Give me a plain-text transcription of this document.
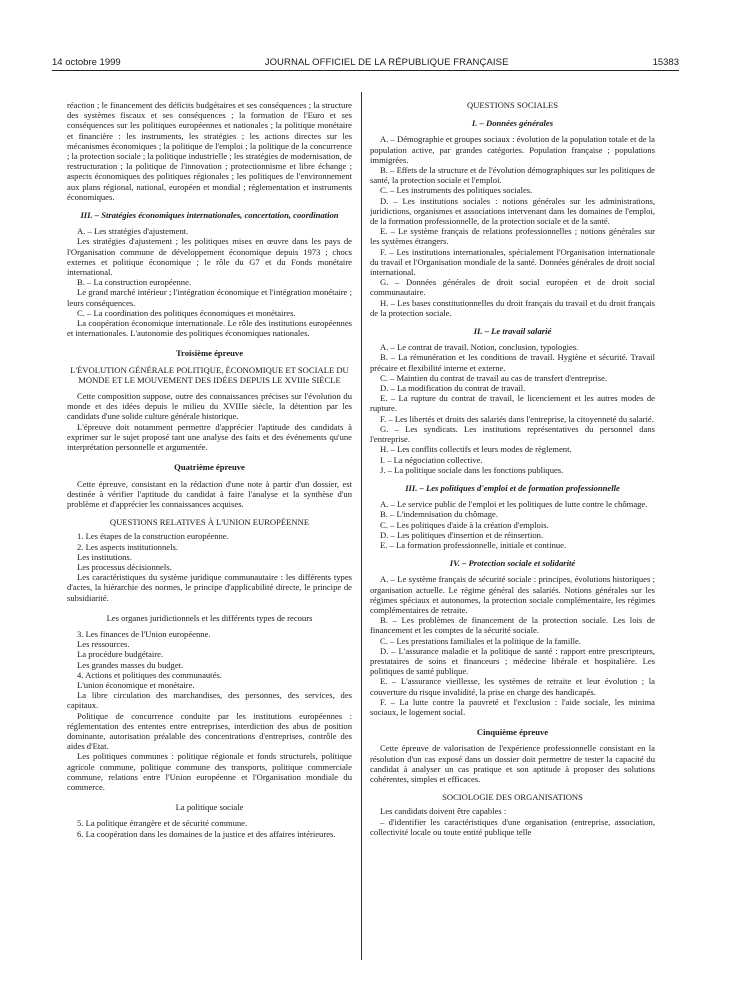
14 octobre 1999	JOURNAL OFFICIEL DE LA RÉPUBLIQUE FRANÇAISE	15383

réaction ; le financement des déficits budgétaires et ses conséquences ; la structure des systèmes fiscaux et ses conséquences ; la formation de l'Euro et ses conséquences sur les politiques européennes et nationales ; la politique monétaire et financière : les instruments, les stratégies ; les actions directes sur les mécanismes économiques ; la politique de l'emploi ; la politique de la concurrence ; la protection sociale ; la politique industrielle ; les stratégies de modernisation, de restructuration ; la politique de l'innovation ; protectionnisme et libre échange ; aspects économiques des politiques régionales ; les politiques de l'environnement aux plans régional, national, européen et mondial ; réglementation et instruments économiques.

III. – Stratégies économiques internationales, concertation, coordination

A. – Les stratégies d'ajustement.

Les stratégies d'ajustement ; les politiques mises en œuvre dans les pays de l'Organisation commune de développement économique depuis 1973 ; chocs externes et politique économique ; le rôle du G7 et du Fonds monétaire international.

B. – La construction européenne.

Le grand marché intérieur ; l'intégration économique et l'intégration monétaire ; leurs conséquences.

C. – La coordination des politiques économiques et monétaires.

La coopération économique internationale. Le rôle des institutions européennes et internationales. L'autonomie des politiques économiques nationales.

Troisième épreuve

L'ÉVOLUTION GÉNÉRALE POLITIQUE, ÉCONOMIQUE ET SOCIALE DU MONDE ET LE MOUVEMENT DES IDÉES DEPUIS LE XVIIIe SIÈCLE

Cette composition suppose, outre des connaissances précises sur l'évolution du monde et des idées depuis le milieu du XVIIIe siècle, la détention par les candidats d'une solide culture générale historique.

L'épreuve doit notamment permettre d'apprécier l'aptitude des candidats à exprimer sur le sujet proposé tant une analyse des faits et des événements qu'une interprétation personnelle et argumentée.

Quatrième épreuve

Cette épreuve, consistant en la rédaction d'une note à partir d'un dossier, est destinée à vérifier l'aptitude du candidat à faire l'analyse et la synthèse d'un problème et d'apprécier les connaissances acquises.

QUESTIONS RELATIVES À L'UNION EUROPÉENNE

1. Les étapes de la construction européenne.

2. Les aspects institutionnels.

Les institutions.

Les processus décisionnels.

Les caractéristiques du système juridique communautaire : les différents types d'actes, la hiérarchie des normes, le principe d'applicabilité directe, le principe de subsidiarité.

Les organes juridictionnels et les différents types de recours

3. Les finances de l'Union européenne.

Les ressources.

La procédure budgétaire.

Les grandes masses du budget.

4. Actions et politiques des communautés.

L'union économique et monétaire.

La libre circulation des marchandises, des personnes, des services, des capitaux.

Politique de concurrence conduite par les institutions européennes : réglementation des ententes entre entreprises, interdiction des abus de position dominante, autorisation préalable des concentrations d'entreprises, contrôle des aides d'Etat.

Les politiques communes : politique régionale et fonds structurels, politique agricole commune, politique commune des transports, politique commerciale commune, relations entre l'Union européenne et l'Organisation mondiale du commerce.

La politique sociale

5. La politique étrangère et de sécurité commune.

6. La coopération dans les domaines de la justice et des affaires intérieures.

QUESTIONS SOCIALES

I. – Données générales

A. – Démographie et groupes sociaux : évolution de la population totale et de la population active, par grandes catégories. Population française ; populations immigrées.

B. – Effets de la structure et de l'évolution démographiques sur les politiques de santé, la protection sociale et l'emploi.

C. – Les instruments des politiques sociales.

D. – Les institutions sociales : notions générales sur les administrations, juridictions, organismes et associations intervenant dans les domaines de l'emploi, de la formation professionnelle, de la protection sociale et de la santé.

E. – Le système français de relations professionnelles ; notions générales sur les systèmes étrangers.

F. – Les institutions internationales, spécialement l'Organisation internationale du travail et l'Organisation mondiale de la santé. Données générales de droit social international.

G. – Données générales de droit social européen et de droit social communautaire.

H. – Les bases constitutionnelles du droit français du travail et du droit français de la protection sociale.

II. – Le travail salarié

A. – Le contrat de travail. Notion, conclusion, typologies.

B. – La rémunération et les conditions de travail. Hygiène et sécurité. Travail précaire et flexibilité interne et externe.

C. – Maintien du contrat de travail au cas de transfert d'entreprise.

D. – La modification du contrat de travail.

E. – La rupture du contrat de travail, le licenciement et les autres modes de rupture.

F. – Les libertés et droits des salariés dans l'entreprise, la citoyenneté du salarié.

G. – Les syndicats. Les institutions représentatives du personnel dans l'entreprise.

H. – Les conflits collectifs et leurs modes de règlement.

I. – La négociation collective.

J. – La politique sociale dans les fonctions publiques.

III. – Les politiques d'emploi et de formation professionnelle

A. – Le service public de l'emploi et les politiques de lutte contre le chômage.

B. – L'indemnisation du chômage.

C. – Les politiques d'aide à la création d'emplois.

D. – Les politiques d'insertion et de réinsertion.

E. – La formation professionnelle, initiale et continue.

IV. – Protection sociale et solidarité

A. – Le système français de sécurité sociale : principes, évolutions historiques ; organisation actuelle. Le régime général des salariés. Notions générales sur les régimes spéciaux et autonomes, la protection sociale complémentaire, les régimes complémentaires de retraite.

B. – Les problèmes de financement de la protection sociale. Les lois de financement et les comptes de la sécurité sociale.

C. – Les prestations familiales et la politique de la famille.

D. – L'assurance maladie et la politique de santé : rapport entre prescripteurs, prestataires de soins et financeurs ; médecine libérale et hospitalière. Les politiques de santé publique.

E. – L'assurance vieillesse, les systèmes de retraite et leur évolution ; la couverture du risque invalidité, la prise en charge des handicapés.

F. – La lutte contre la pauvreté et l'exclusion : l'aide sociale, les minima sociaux, le logement social.

Cinquième épreuve

Cette épreuve de valorisation de l'expérience professionnelle consistant en la résolution d'un cas exposé dans un dossier doit permettre de tester la capacité du candidat à analyser un cas pratique et son aptitude à proposer des solutions cohérentes, simples et efficaces.

SOCIOLOGIE DES ORGANISATIONS

Les candidats doivent être capables :

– d'identifier les caractéristiques d'une organisation (entreprise, association, collectivité locale ou toute entité publique telle
